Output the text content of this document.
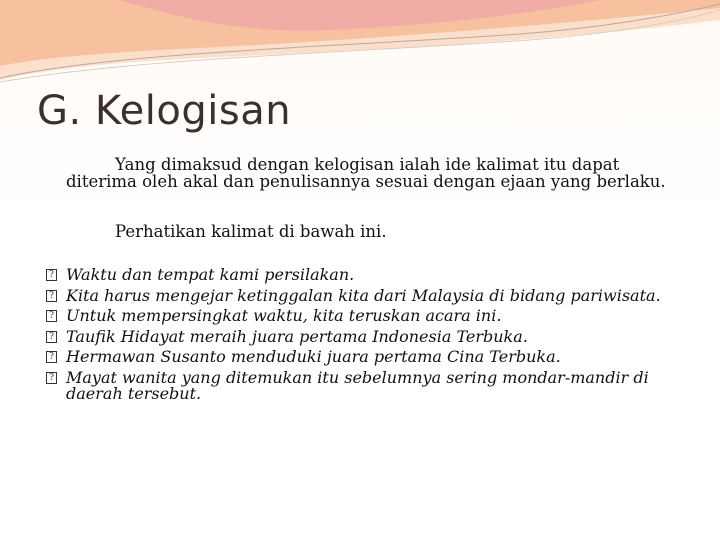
G. Kelogisan

Yang dimaksud dengan kelogisan ialah ide kalimat itu dapat diterima oleh akal dan penulisannya sesuai dengan ejaan yang berlaku.

Perhatikan kalimat di bawah ini.

? Waktu dan tempat kami persilakan.
? Kita harus mengejar ketinggalan kita dari Malaysia di bidang pariwisata.
? Untuk mempersingkat waktu, kita teruskan acara ini.
? Taufik Hidayat meraih juara pertama Indonesia Terbuka.
? Hermawan Susanto menduduki juara pertama Cina Terbuka.
? Mayat wanita yang ditemukan itu sebelumnya sering mondar-mandir di daerah tersebut.
